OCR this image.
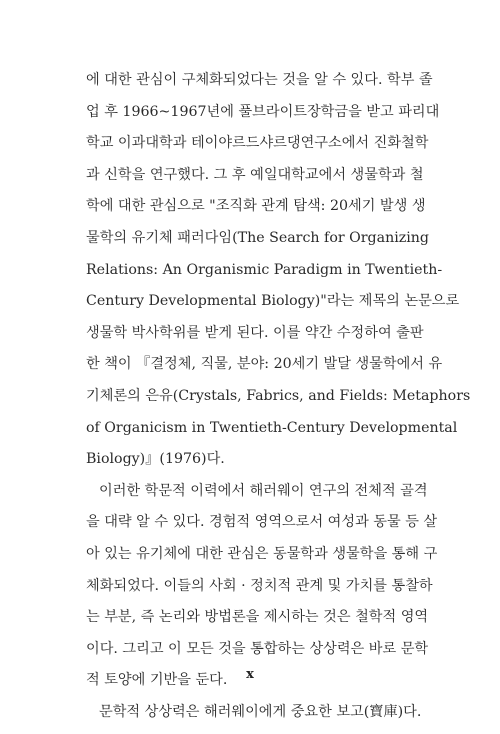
에 대한 관심이 구체화되었다는 것을 알 수 있다. 학부 졸
업 후 1966~1967년에 풀브라이트장학금을 받고 파리대
학교 이과대학과 테이야르드샤르댕연구소에서 진화철학
과 신학을 연구했다. 그 후 예일대학교에서 생물학과 철
학에 대한 관심으로 "조직화 관계 탐색: 20세기 발생 생
물학의 유기체 패러다임(The Search for Organizing
Relations: An Organismic Paradigm in Twentieth-
Century Developmental Biology)"라는 제목의 논문으로
생물학 박사학위를 받게 된다. 이를 약간 수정하여 출판
한 책이 『결정체, 직물, 분야: 20세기 발달 생물학에서 유
기체론의 은유(Crystals, Fabrics, and Fields: Metaphors
of Organicism in Twentieth-Century Developmental
Biology)』(1976)다.
이러한 학문적 이력에서 해러웨이 연구의 전체적 골격
을 대략 알 수 있다. 경험적 영역으로서 여성과 동물 등 살
아 있는 유기체에 대한 관심은 동물학과 생물학을 통해 구
체화되었다. 이들의 사회 · 정치적 관계 및 가치를 통찰하
는 부분, 즉 논리와 방법론을 제시하는 것은 철학적 영역
이다. 그리고 이 모든 것을 통합하는 상상력은 바로 문학
적 토양에 기반을 둔다.
문학적 상상력은 해러웨이에게 중요한 보고(寶庫)다.
x
